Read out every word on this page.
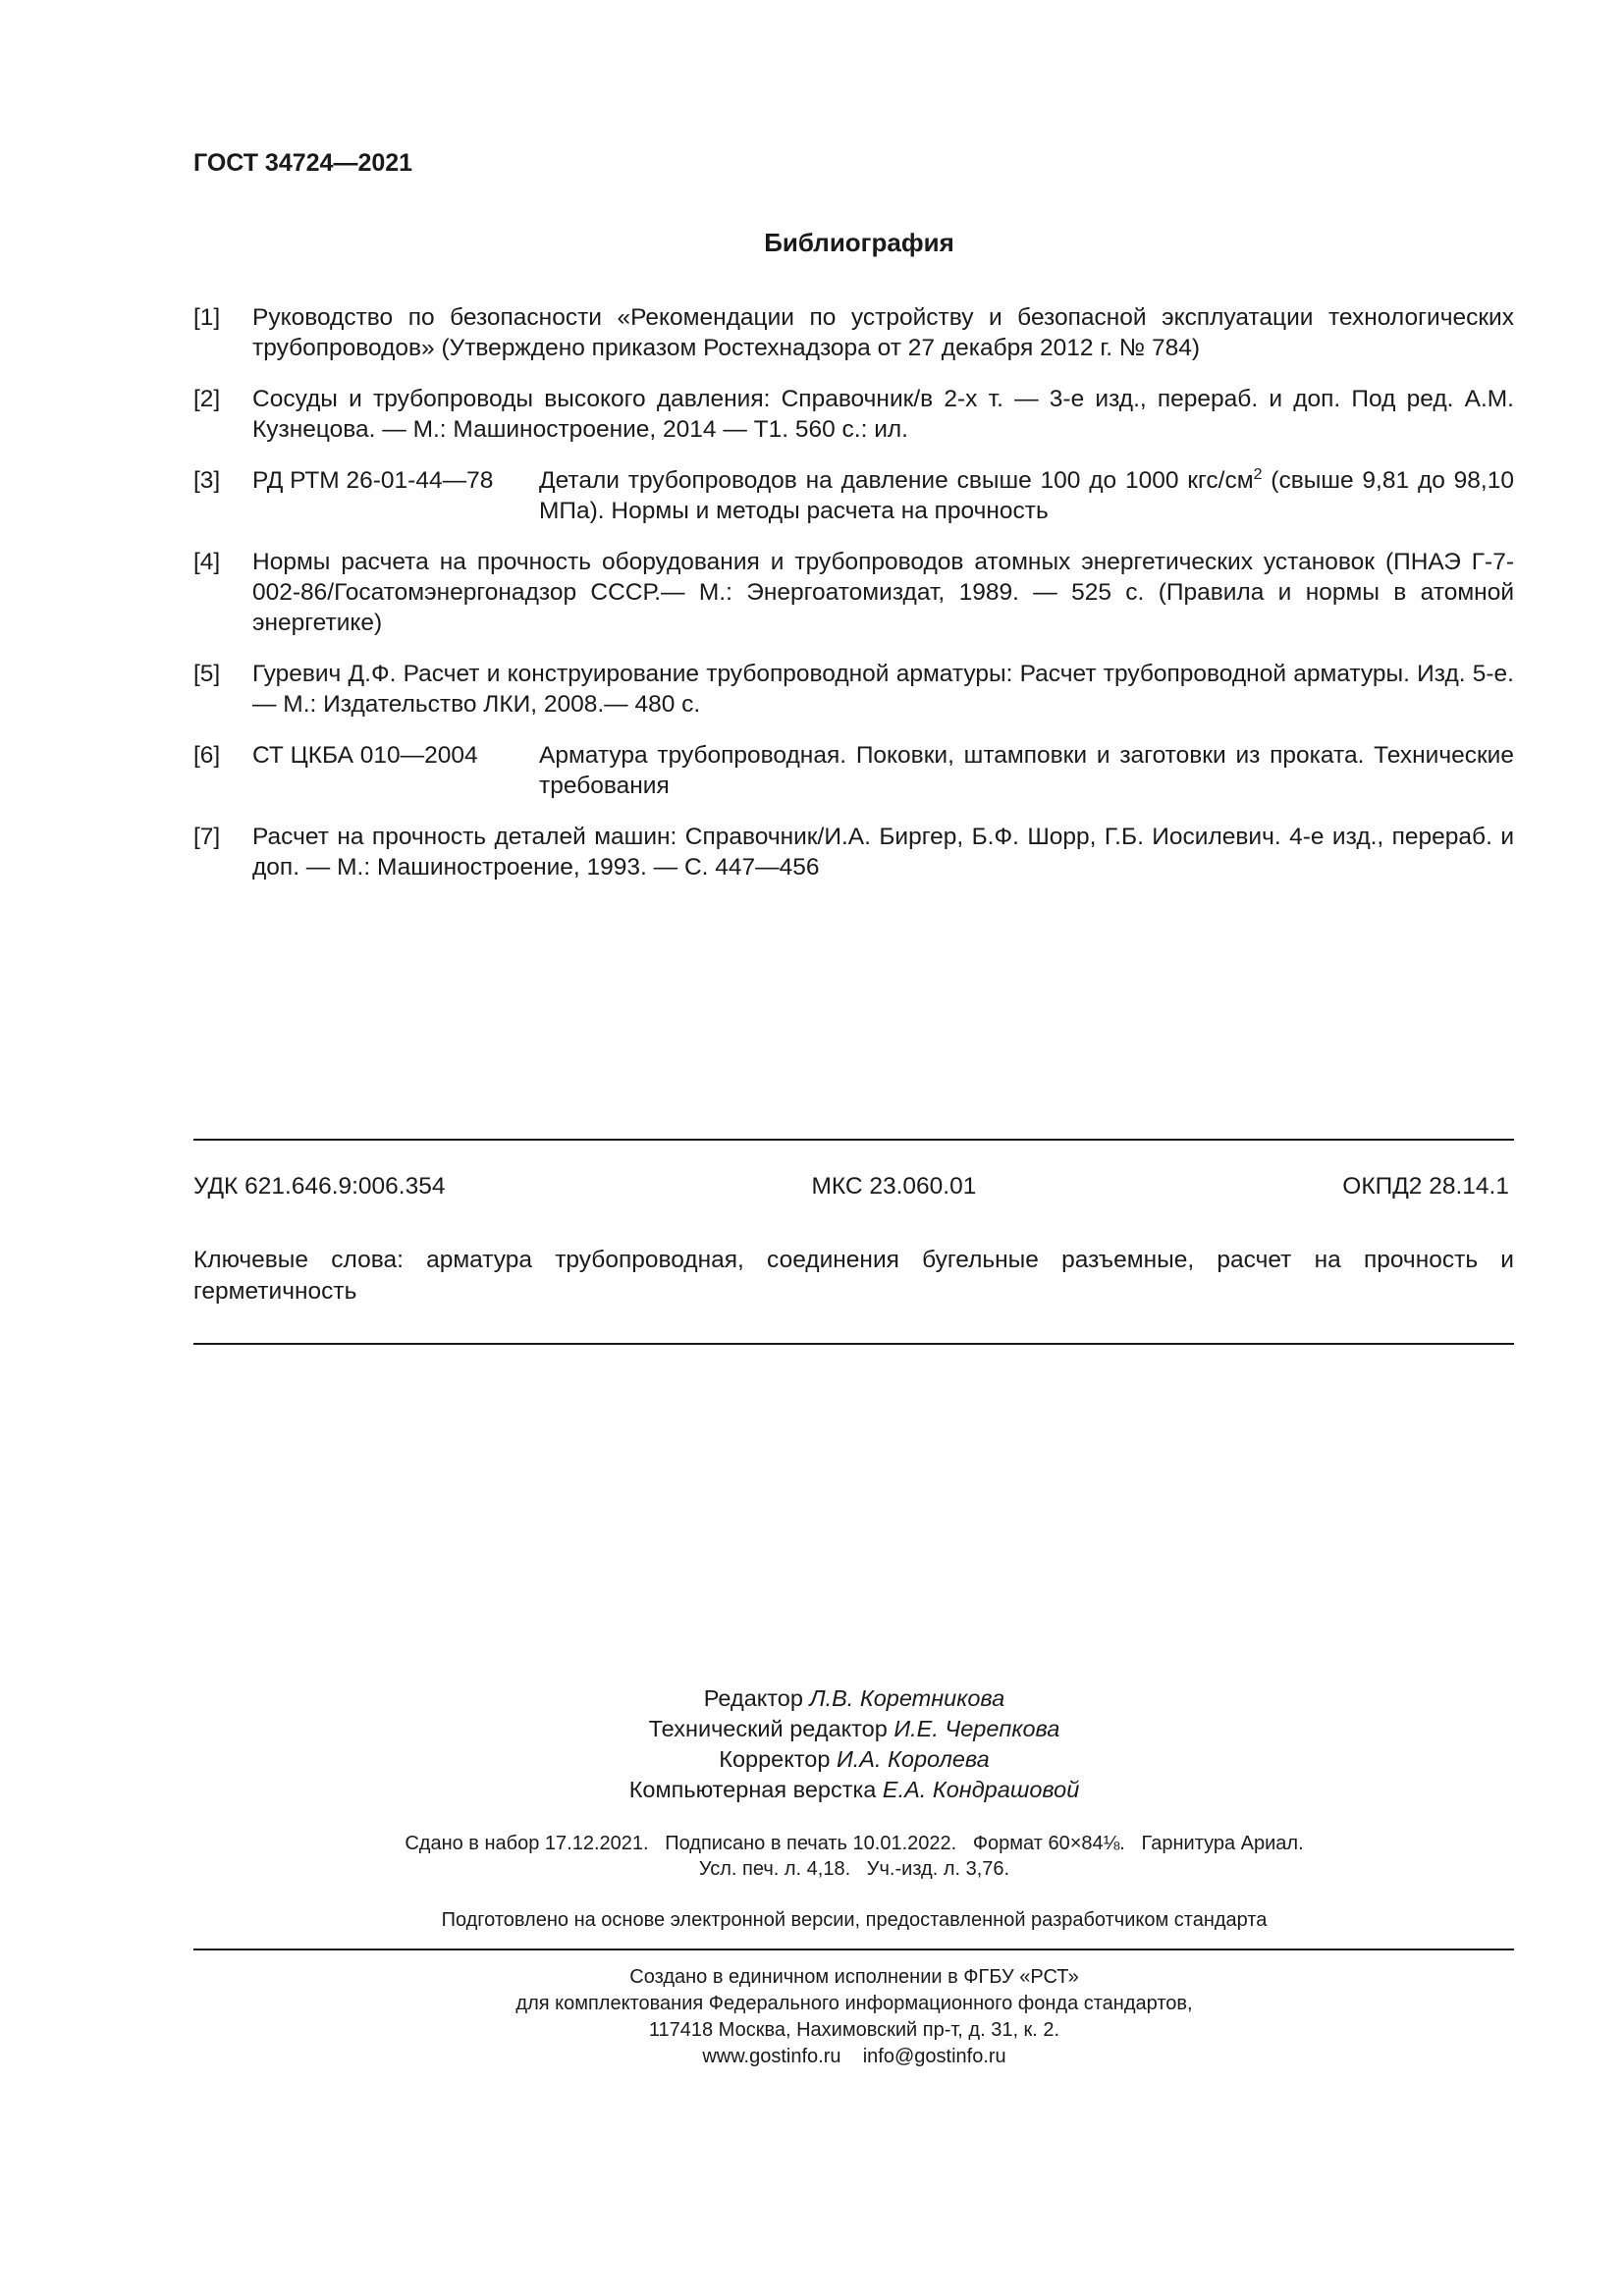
ГОСТ 34724—2021
Библиография
[1] Руководство по безопасности «Рекомендации по устройству и безопасной эксплуатации технологических трубопроводов» (Утверждено приказом Ростехнадзора от 27 декабря 2012 г. № 784)
[2] Сосуды и трубопроводы высокого давления: Справочник/в 2-х т. — 3-е изд., перераб. и доп. Под ред. А.М. Кузнецова. — М.: Машиностроение, 2014 — Т1. 560 с.: ил.
[3] РД РТМ 26-01-44—78 Детали трубопроводов на давление свыше 100 до 1000 кгс/$см^2$ (свыше 9,81 до 98,10 МПа). Нормы и методы расчета на прочность
[4] Нормы расчета на прочность оборудования и трубопроводов атомных энергетических установок (ПНАЭ Г-7-002-86/Госатомэнергонадзор СССР.— М.: Энергоатомиздат, 1989. — 525 с. (Правила и нормы в атомной энергетике)
[5] Гуревич Д.Ф. Расчет и конструирование трубопроводной арматуры: Расчет трубопроводной арматуры. Изд. 5-е. — М.: Издательство ЛКИ, 2008.— 480 с.
[6] СТ ЦКБА 010—2004	Арматура трубопроводная. Поковки, штамповки и заготовки из проката. Технические требования
[7] Расчет на прочность деталей машин: Справочник/И.А. Биргер, Б.Ф. Шорр, Г.Б. Иосилевич. 4-е изд., перераб. и доп. — М.: Машиностроение, 1993. — С. 447—456
УДК 621.646.9:006.354	МКС 23.060.01	ОКПД2 28.14.1
Ключевые слова: арматура трубопроводная, соединения бугельные разъемные, расчет на прочность и герметичность
Редактор Л.В. Коретникова
Технический редактор И.Е. Черепкова
Корректор И.А. Королева
Компьютерная верстка Е.А. Кондрашовой
Сдано в набор 17.12.2021.   Подписано в печать 10.01.2022.   Формат 60×84⅛.   Гарнитура Ариал.
Усл. печ. л. 4,18.   Уч.-изд. л. 3,76.
Подготовлено на основе электронной версии, предоставленной разработчиком стандарта
Создано в единичном исполнении в ФГБУ «РСТ»
для комплектования Федерального информационного фонда стандартов,
117418 Москва, Нахимовский пр-т, д. 31, к. 2.
www.gostinfo.ru    info@gostinfo.ru
